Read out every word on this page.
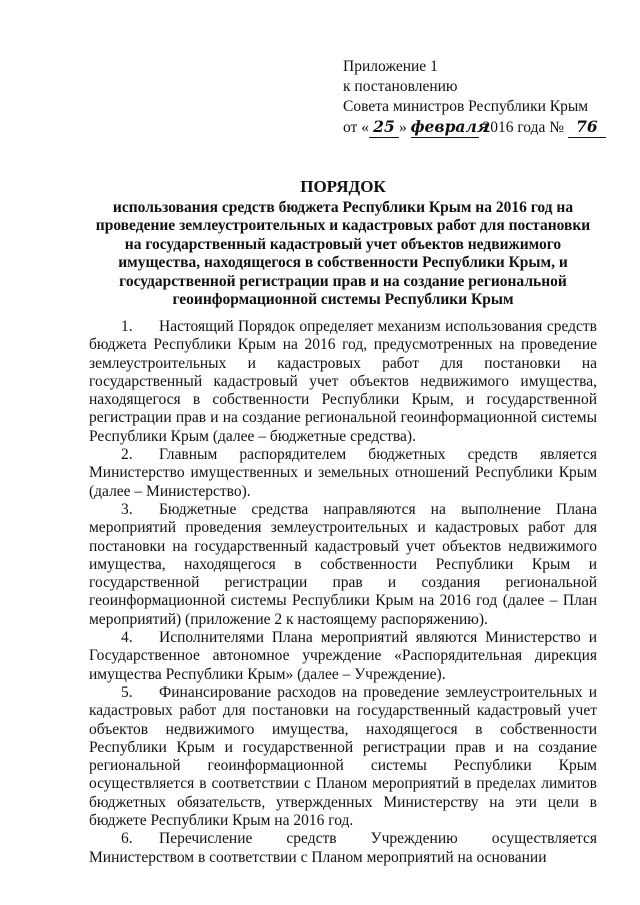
Приложение 1
к постановлению
Совета министров Республики Крым
от « 25 » февраля 2016 года № 76
ПОРЯДОК
использования средств бюджета Республики Крым на 2016 год на проведение землеустроительных и кадастровых работ для постановки на государственный кадастровый учет объектов недвижимого имущества, находящегося в собственности Республики Крым, и государственной регистрации прав и на создание региональной геоинформационной системы Республики Крым

1. Настоящий Порядок определяет механизм использования средств бюджета Республики Крым на 2016 год, предусмотренных на проведение землеустроительных и кадастровых работ для постановки на государственный кадастровый учет объектов недвижимого имущества, находящегося в собственности Республики Крым, и государственной регистрации прав и на создание региональной геоинформационной системы Республики Крым (далее – бюджетные средства).

2. Главным распорядителем бюджетных средств является Министерство имущественных и земельных отношений Республики Крым (далее – Министерство).

3. Бюджетные средства направляются на выполнение Плана мероприятий проведения землеустроительных и кадастровых работ для постановки на государственный кадастровый учет объектов недвижимого имущества, находящегося в собственности Республики Крым и государственной регистрации прав и создания региональной геоинформационной системы Республики Крым на 2016 год (далее – План мероприятий) (приложение 2 к настоящему распоряжению).

4. Исполнителями Плана мероприятий являются Министерство и Государственное автономное учреждение «Распорядительная дирекция имущества Республики Крым» (далее – Учреждение).

5. Финансирование расходов на проведение землеустроительных и кадастровых работ для постановки на государственный кадастровый учет объектов недвижимого имущества, находящегося в собственности Республики Крым и государственной регистрации прав и на создание региональной геоинформационной системы Республики Крым осуществляется в соответствии с Планом мероприятий в пределах лимитов бюджетных обязательств, утвержденных Министерству на эти цели в бюджете Республики Крым на 2016 год.

6. Перечисление средств Учреждению осуществляется Министерством в соответствии с Планом мероприятий на основании
